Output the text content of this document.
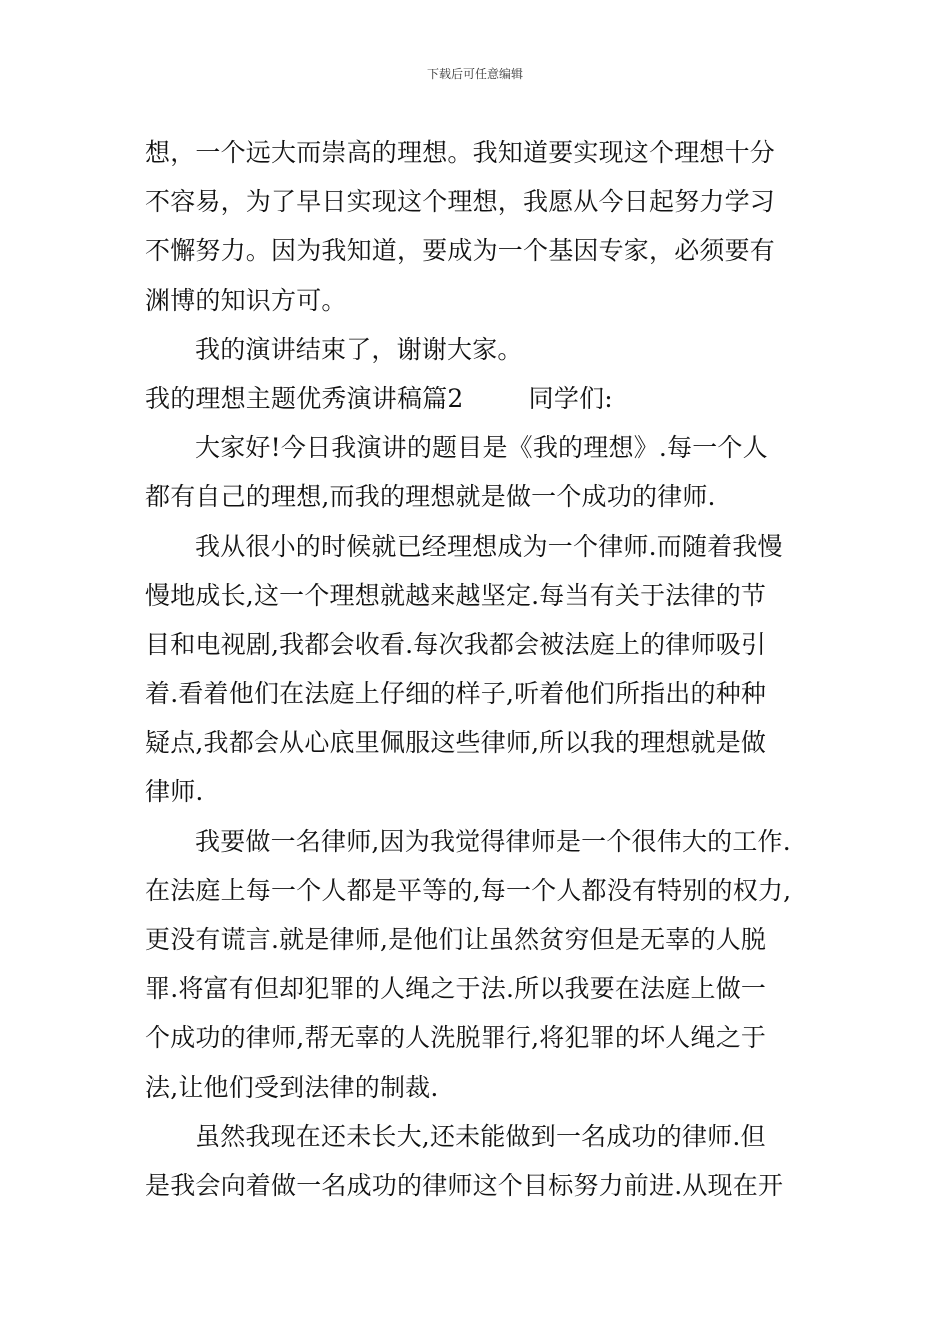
下载后可任意编辑
想，一个远大而崇高的理想。我知道要实现这个理想十分
不容易，为了早日实现这个理想，我愿从今日起努力学习
不懈努力。因为我知道，要成为一个基因专家，必须要有
渊博的知识方可。
我的演讲结束了，谢谢大家。
我的理想主题优秀演讲稿篇2        同学们:
大家好!今日我演讲的题目是《我的理想》.每一个人
都有自己的理想,而我的理想就是做一个成功的律师.
我从很小的时候就已经理想成为一个律师.而随着我慢
慢地成长,这一个理想就越来越坚定.每当有关于法律的节
目和电视剧,我都会收看.每次我都会被法庭上的律师吸引
着.看着他们在法庭上仔细的样子,听着他们所指出的种种
疑点,我都会从心底里佩服这些律师,所以我的理想就是做
律师.
我要做一名律师,因为我觉得律师是一个很伟大的工作.
在法庭上每一个人都是平等的,每一个人都没有特别的权力,
更没有谎言.就是律师,是他们让虽然贫穷但是无辜的人脱
罪.将富有但却犯罪的人绳之于法.所以我要在法庭上做一
个成功的律师,帮无辜的人洗脱罪行,将犯罪的坏人绳之于
法,让他们受到法律的制裁.
虽然我现在还未长大,还未能做到一名成功的律师.但
是我会向着做一名成功的律师这个目标努力前进.从现在开
